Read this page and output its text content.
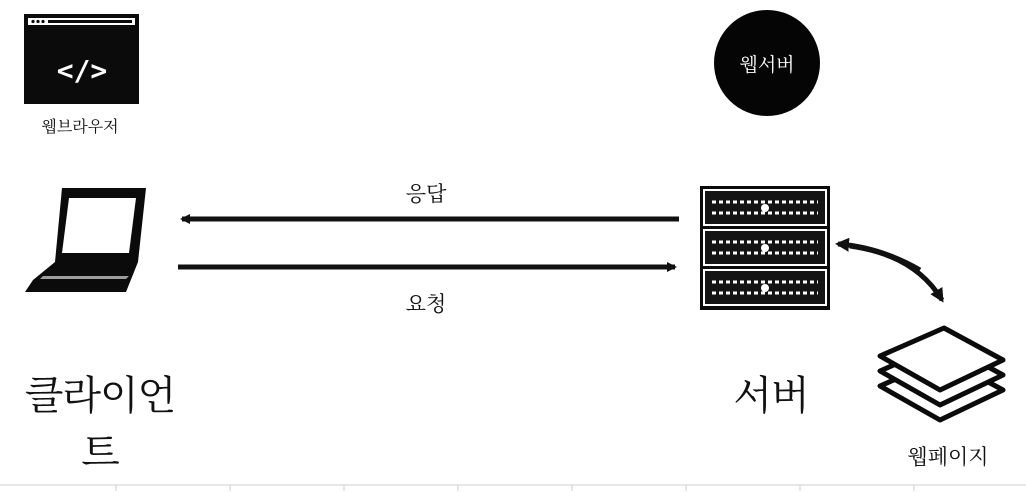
</>
웹브라우저
웹서버
응답
요청
클라이언트
서버
웹페이지
